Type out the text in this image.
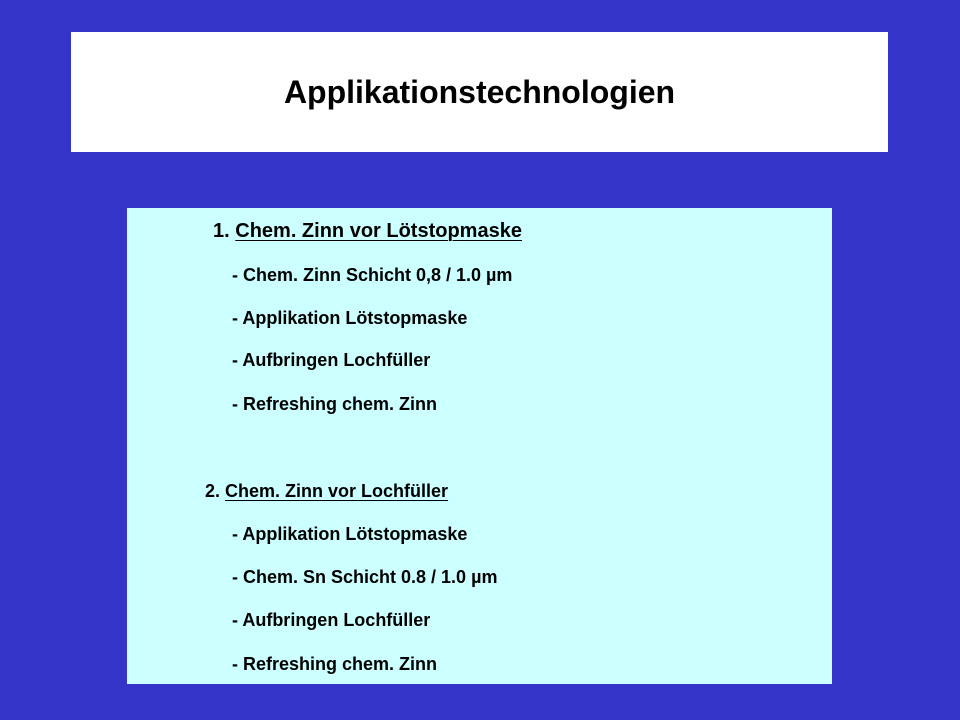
Applikationstechnologien
1. Chem. Zinn vor Lötstopmaske
- Chem. Zinn Schicht 0,8 / 1.0 µm
- Applikation Lötstopmaske
- Aufbringen Lochfüller
- Refreshing chem. Zinn
2. Chem. Zinn vor Lochfüller
- Applikation Lötstopmaske
- Chem. Sn Schicht 0.8 / 1.0 µm
- Aufbringen Lochfüller
- Refreshing chem. Zinn
